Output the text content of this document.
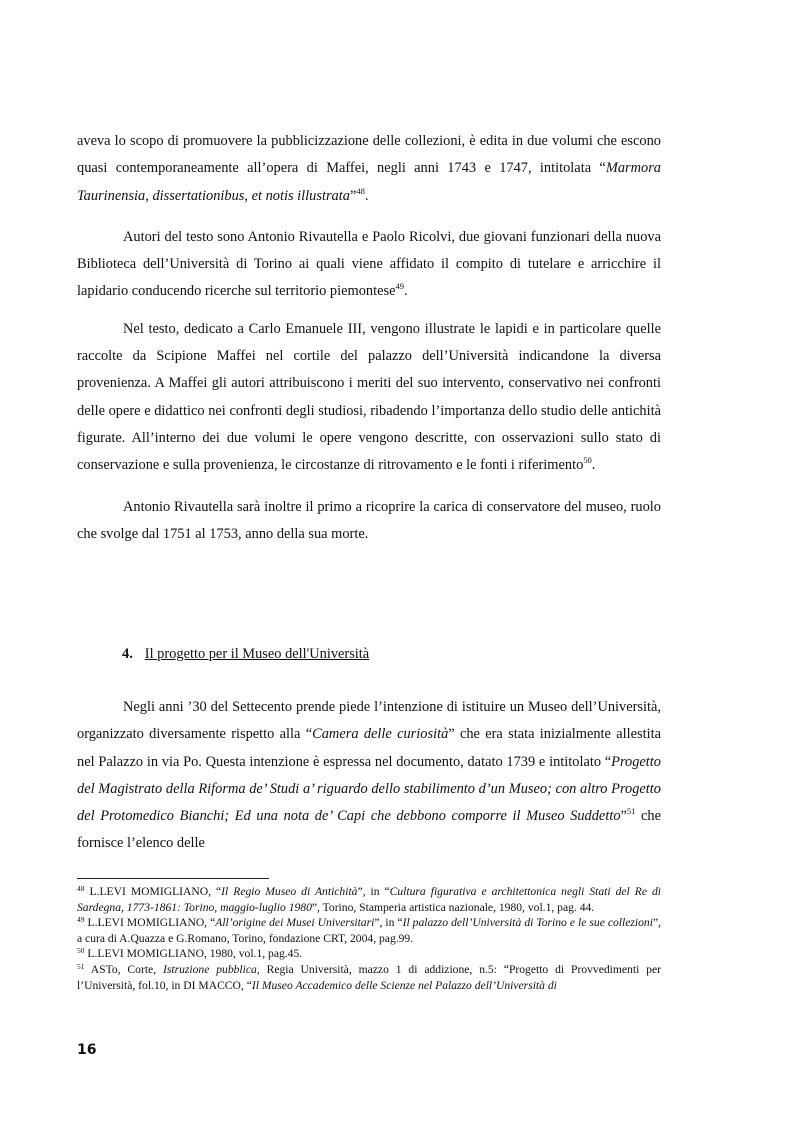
aveva lo scopo di promuovere la pubblicizzazione delle collezioni, è edita in due volumi che escono quasi contemporaneamente all’opera di Maffei, negli anni 1743 e 1747, intitolata “Marmora Taurinensia, dissertationibus, et notis illustrata”$^{48}$.

Autori del testo sono Antonio Rivautella e Paolo Ricolvi, due giovani funzionari della nuova Biblioteca dell’Università di Torino ai quali viene affidato il compito di tutelare e arricchire il lapidario conducendo ricerche sul territorio piemontese$^{49}$.

Nel testo, dedicato a Carlo Emanuele III, vengono illustrate le lapidi e in particolare quelle raccolte da Scipione Maffei nel cortile del palazzo dell’Università indicandone la diversa provenienza. A Maffei gli autori attribuiscono i meriti del suo intervento, conservativo nei confronti delle opere e didattico nei confronti degli studiosi, ribadendo l’importanza dello studio delle antichità figurate. All’interno dei due volumi le opere vengono descritte, con osservazioni sullo stato di conservazione e sulla provenienza, le circostanze di ritrovamento e le fonti i riferimento$^{50}$.

Antonio Rivautella sarà inoltre il primo a ricoprire la carica di conservatore del museo, ruolo che svolge dal 1751 al 1753, anno della sua morte.

4. Il progetto per il Museo dell'Università

Negli anni ’30 del Settecento prende piede l’intenzione di istituire un Museo dell’Università, organizzato diversamente rispetto alla “Camera delle curiosità” che era stata inizialmente allestita nel Palazzo in via Po. Questa intenzione è espressa nel documento, datato 1739 e intitolato “Progetto del Magistrato della Riforma de’ Studi a’ riguardo dello stabilimento d’un Museo; con altro Progetto del Protomedico Bianchi; Ed una nota de’ Capi che debbono comporre il Museo Suddetto”$^{51}$ che fornisce l’elenco delle

$^{48}$ L.LEVI MOMIGLIANO, “Il Regio Museo di Antichità”, in “Cultura figurativa e architettonica negli Stati del Re di Sardegna, 1773-1861: Torino, maggio-luglio 1980”, Torino, Stamperia artistica nazionale, 1980, vol.1, pag. 44.

$^{49}$ L.LEVI MOMIGLIANO, “All’origine dei Musei Universitari”, in “Il palazzo dell’Università di Torino e le sue collezioni”, a cura di A.Quazza e G.Romano, Torino, fondazione CRT, 2004, pag.99.

$^{50}$ L.LEVI MOMIGLIANO, 1980, vol.1, pag.45.

$^{51}$ ASTo, Corte, Istruzione pubblica, Regia Università, mazzo 1 di addizione, n.5: “Progetto di Provvedimenti per l’Università, fol.10, in DI MACCO, “Il Museo Accademico delle Scienze nel Palazzo dell’Università di

16
